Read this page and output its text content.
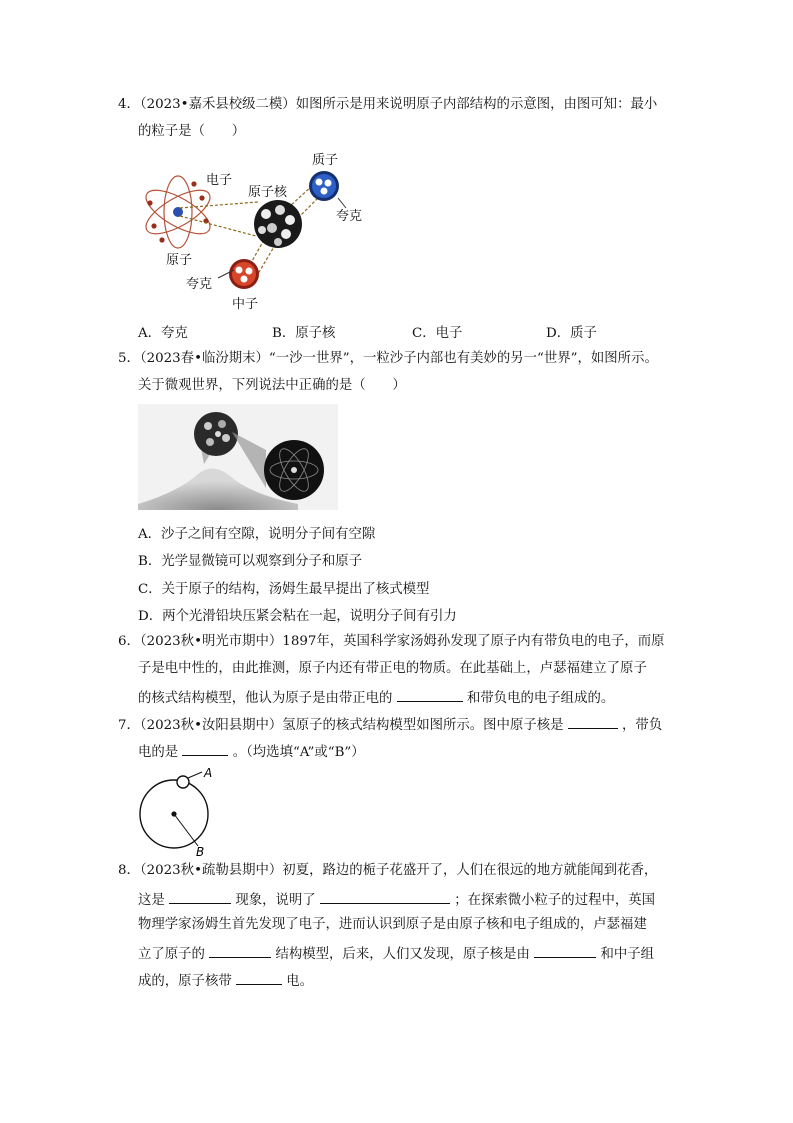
4．（2023•嘉禾县校级二模）如图所示是用来说明原子内部结构的示意图，由图可知：最小
的粒子是（　　）
电子
原子核
质子
夸克
原子
夸克
中子
A．夸克	B．原子核	C．电子	D．质子
5．（2023春•临汾期末）“一沙一世界”，一粒沙子内部也有美妙的另一“世界”，如图所示。
关于微观世界，下列说法中正确的是（　　）
A．沙子之间有空隙，说明分子间有空隙
B．光学显微镜可以观察到分子和原子
C．关于原子的结构，汤姆生最早提出了核式模型
D．两个光滑铅块压紧会粘在一起，说明分子间有引力
6．（2023秋•明光市期中）1897年，英国科学家汤姆孙发现了原子内有带负电的电子，而原
子是电中性的，由此推测，原子内还有带正电的物质。在此基础上，卢瑟福建立了原子
的核式结构模型，他认为原子是由带正电的	和带负电的电子组成的。
7．（2023秋•汝阳县期中）氢原子的核式结构模型如图所示。图中原子核是	，带负
电的是	。（均选填“A”或“B”）
A
B
8．（2023秋•疏勒县期中）初夏，路边的栀子花盛开了，人们在很远的地方就能闻到花香，
这是	现象，说明了	；在探索微小粒子的过程中，英国
物理学家汤姆生首先发现了电子，进而认识到原子是由原子核和电子组成的，卢瑟福建
立了原子的	结构模型，后来，人们又发现，原子核是由	和中子组
成的，原子核带	电。
